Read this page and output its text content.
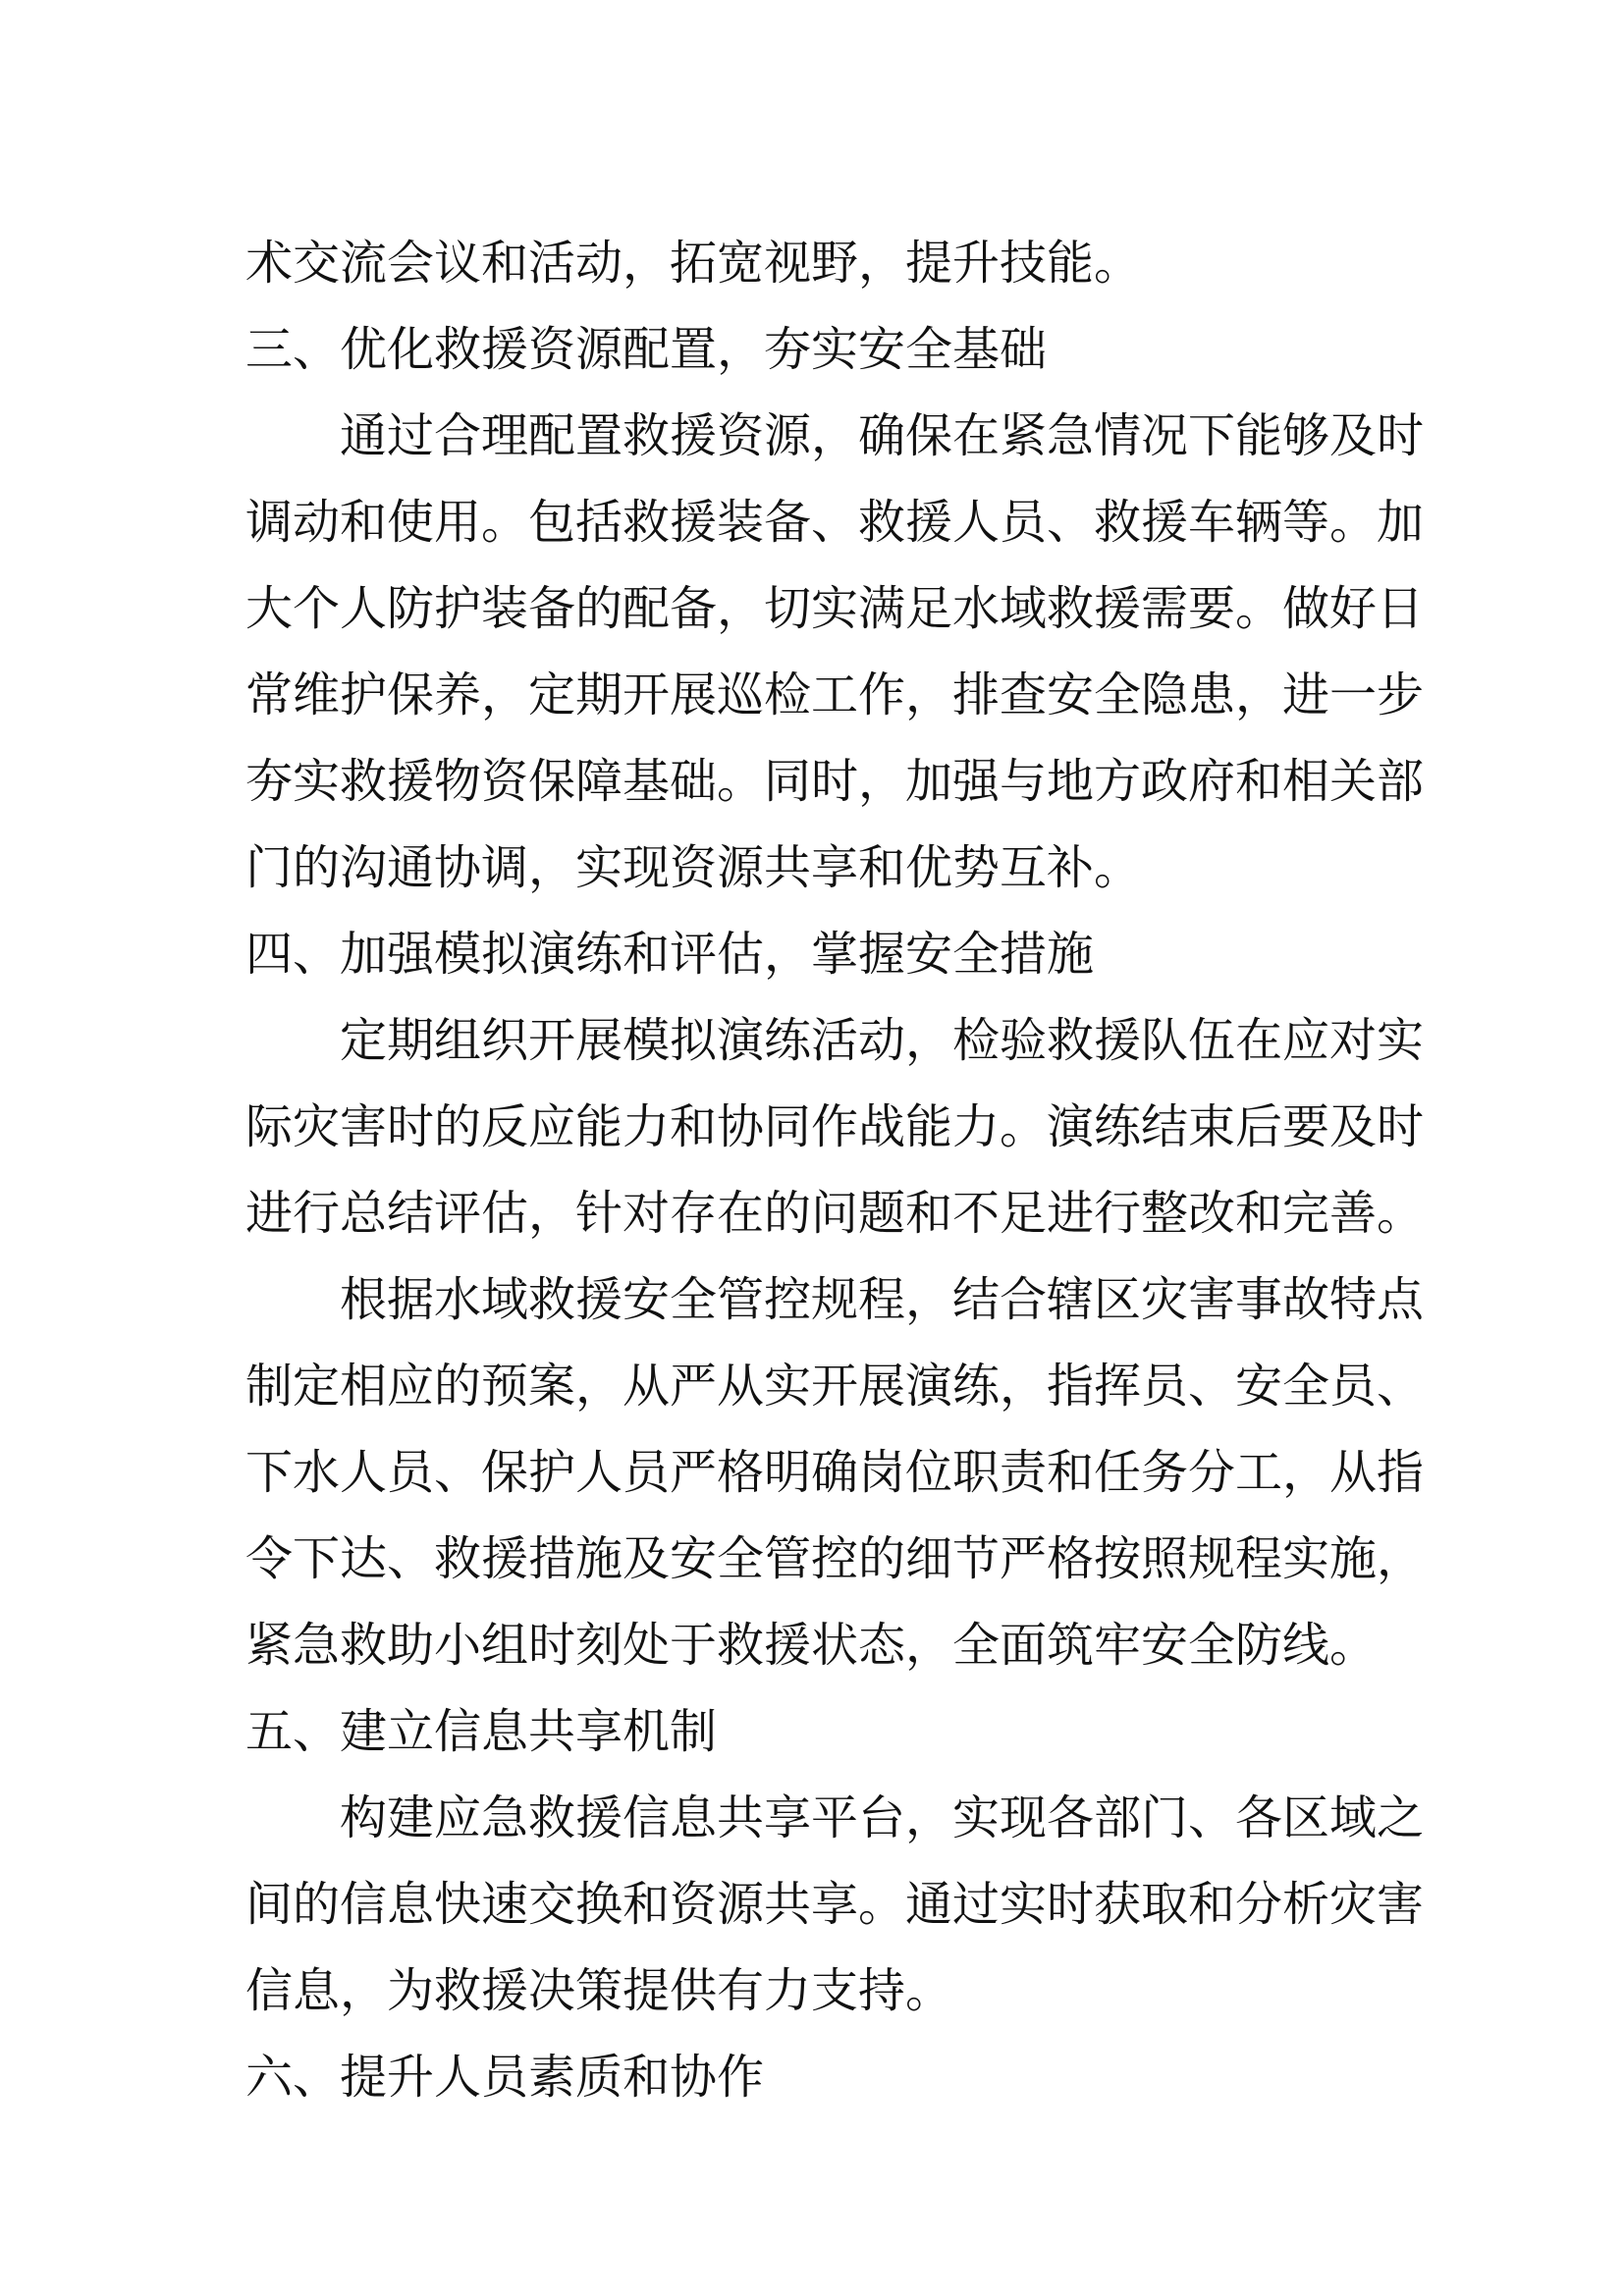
术交流会议和活动，拓宽视野，提升技能。
三、优化救援资源配置，夯实安全基础
通过合理配置救援资源，确保在紧急情况下能够及时
调动和使用。包括救援装备、救援人员、救援车辆等。加
大个人防护装备的配备，切实满足水域救援需要。做好日
常维护保养，定期开展巡检工作，排查安全隐患，进一步
夯实救援物资保障基础。同时，加强与地方政府和相关部
门的沟通协调，实现资源共享和优势互补。
四、加强模拟演练和评估，掌握安全措施
定期组织开展模拟演练活动，检验救援队伍在应对实
际灾害时的反应能力和协同作战能力。演练结束后要及时
进行总结评估，针对存在的问题和不足进行整改和完善。
根据水域救援安全管控规程，结合辖区灾害事故特点
制定相应的预案，从严从实开展演练，指挥员、安全员、
下水人员、保护人员严格明确岗位职责和任务分工，从指
令下达、救援措施及安全管控的细节严格按照规程实施，
紧急救助小组时刻处于救援状态，全面筑牢安全防线。
五、建立信息共享机制
构建应急救援信息共享平台，实现各部门、各区域之
间的信息快速交换和资源共享。通过实时获取和分析灾害
信息，为救援决策提供有力支持。
六、提升人员素质和协作
